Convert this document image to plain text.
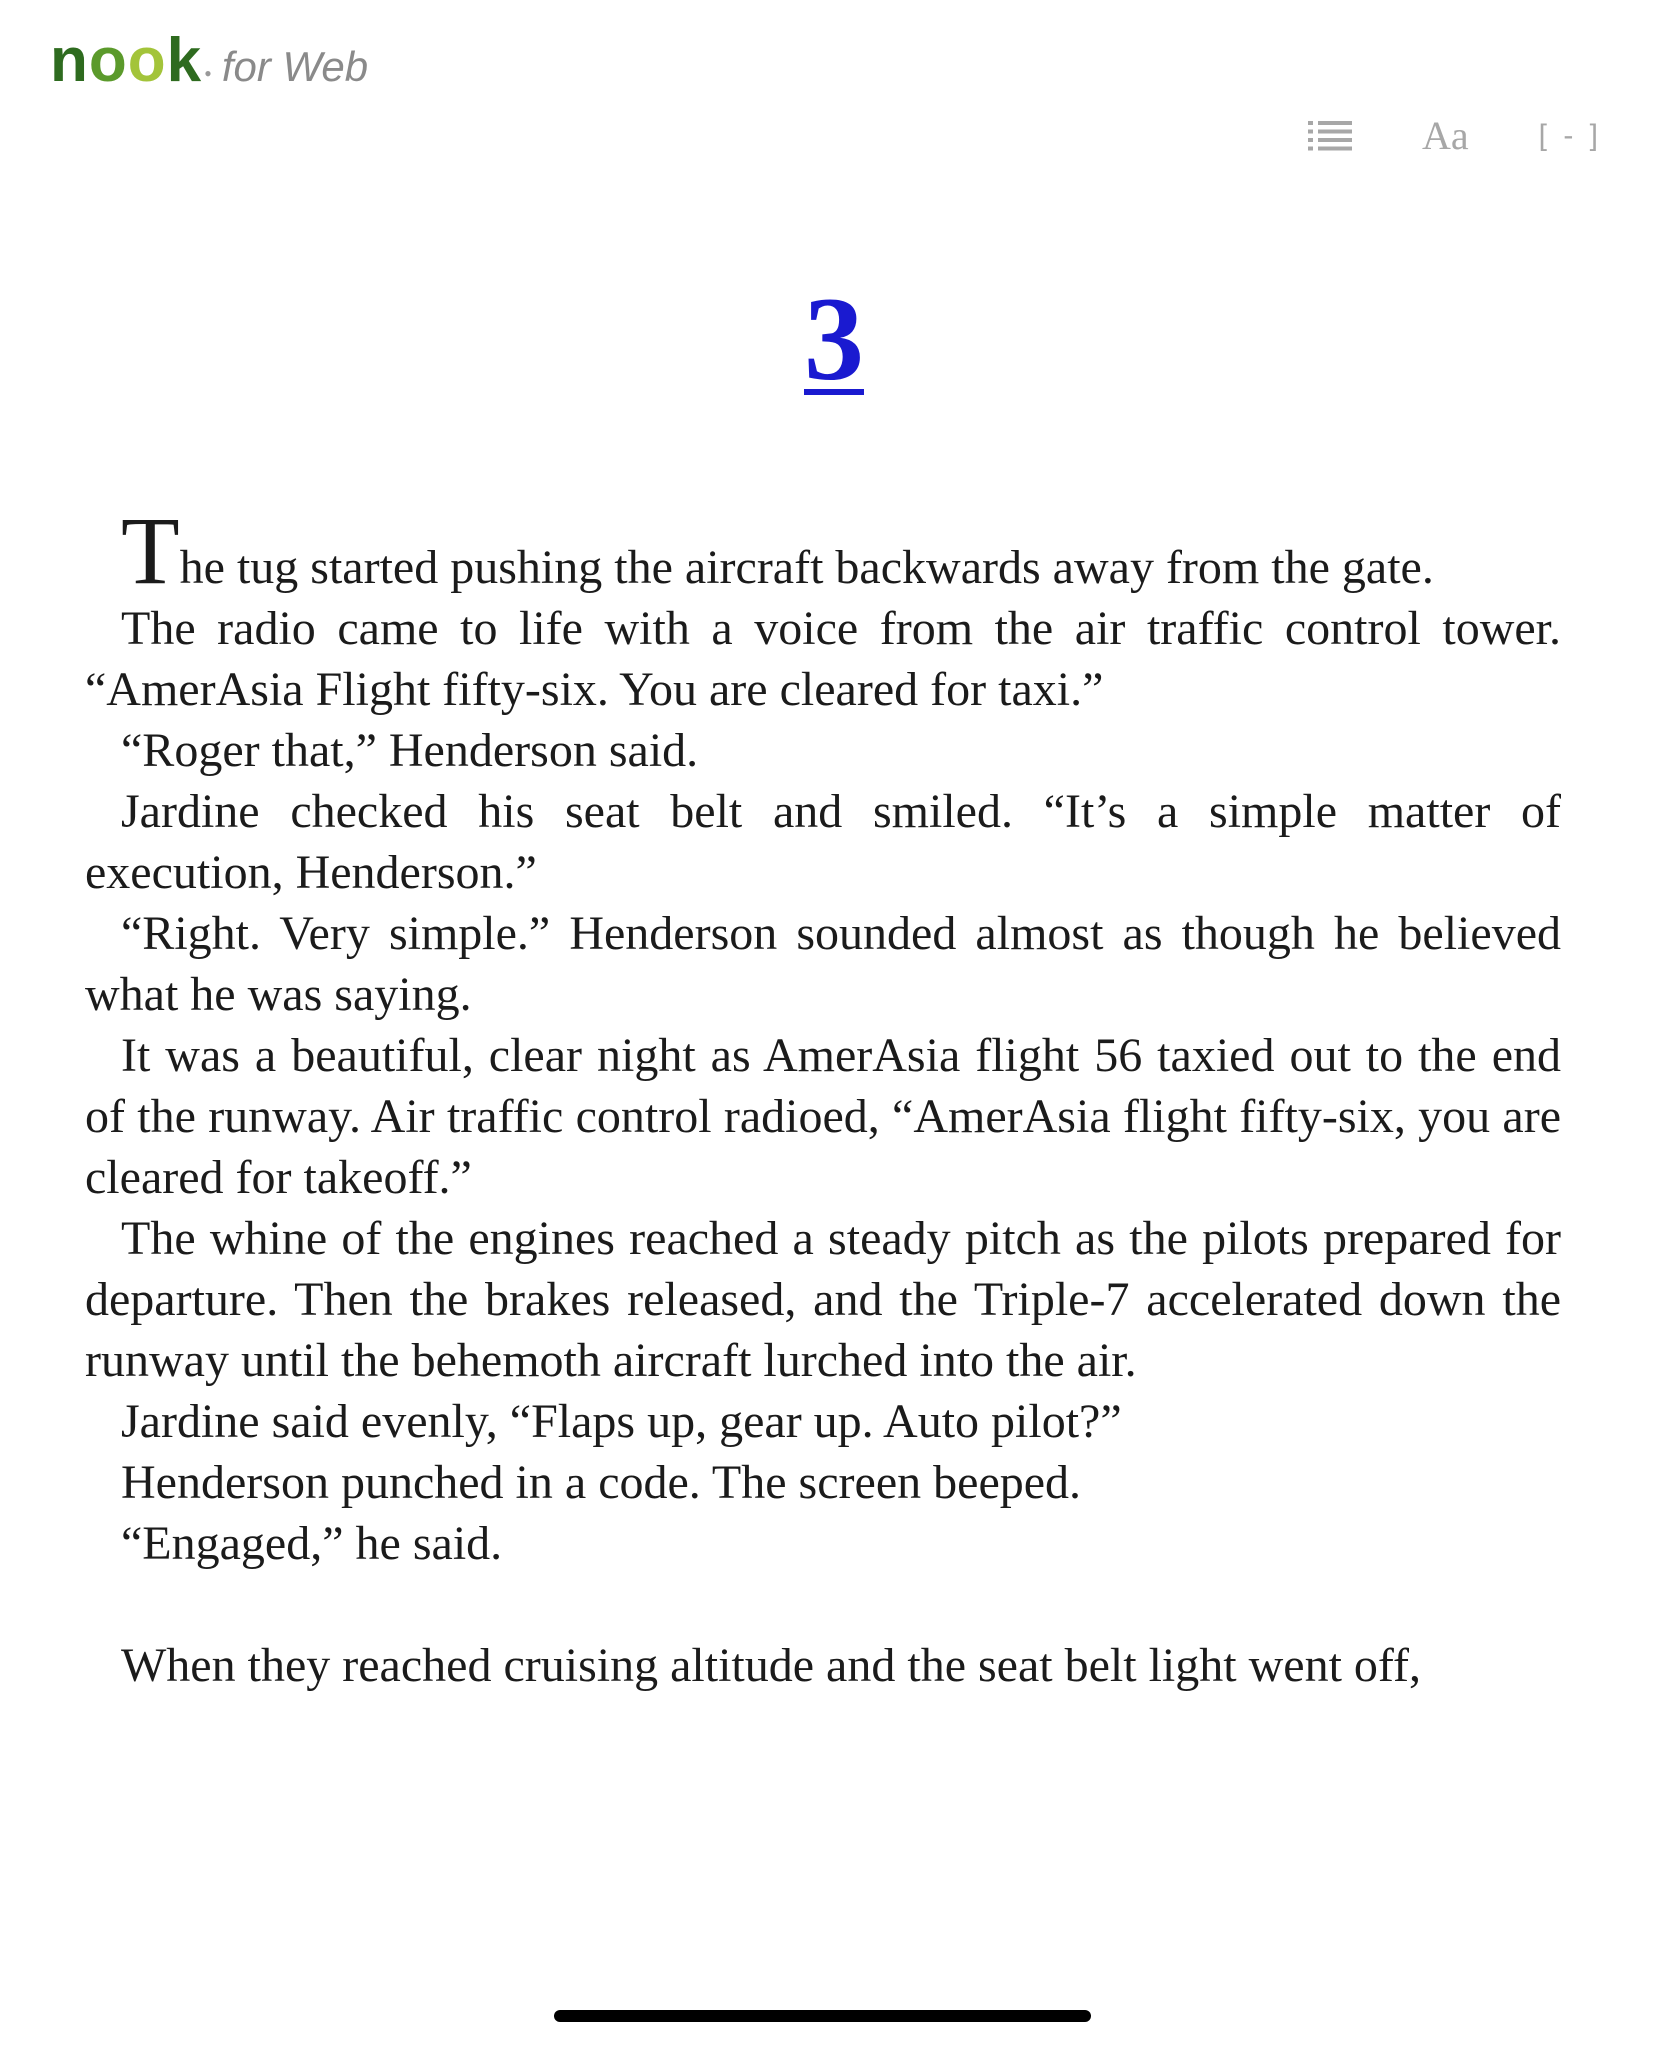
nook • for Web
Aa [ - ]
3

The tug started pushing the aircraft backwards away from the gate.

The radio came to life with a voice from the air traffic control tower. “AmerAsia Flight fifty-six. You are cleared for taxi.”

“Roger that,” Henderson said.

Jardine checked his seat belt and smiled. “It’s a simple matter of execution, Henderson.”

“Right. Very simple.” Henderson sounded almost as though he believed what he was saying.

It was a beautiful, clear night as AmerAsia flight 56 taxied out to the end of the runway. Air traffic control radioed, “AmerAsia flight fifty-six, you are cleared for takeoff.”

The whine of the engines reached a steady pitch as the pilots prepared for departure. Then the brakes released, and the Triple-7 accelerated down the runway until the behemoth aircraft lurched into the air.

Jardine said evenly, “Flaps up, gear up. Auto pilot?”

Henderson punched in a code. The screen beeped.

“Engaged,” he said.

When they reached cruising altitude and the seat belt light went off,
